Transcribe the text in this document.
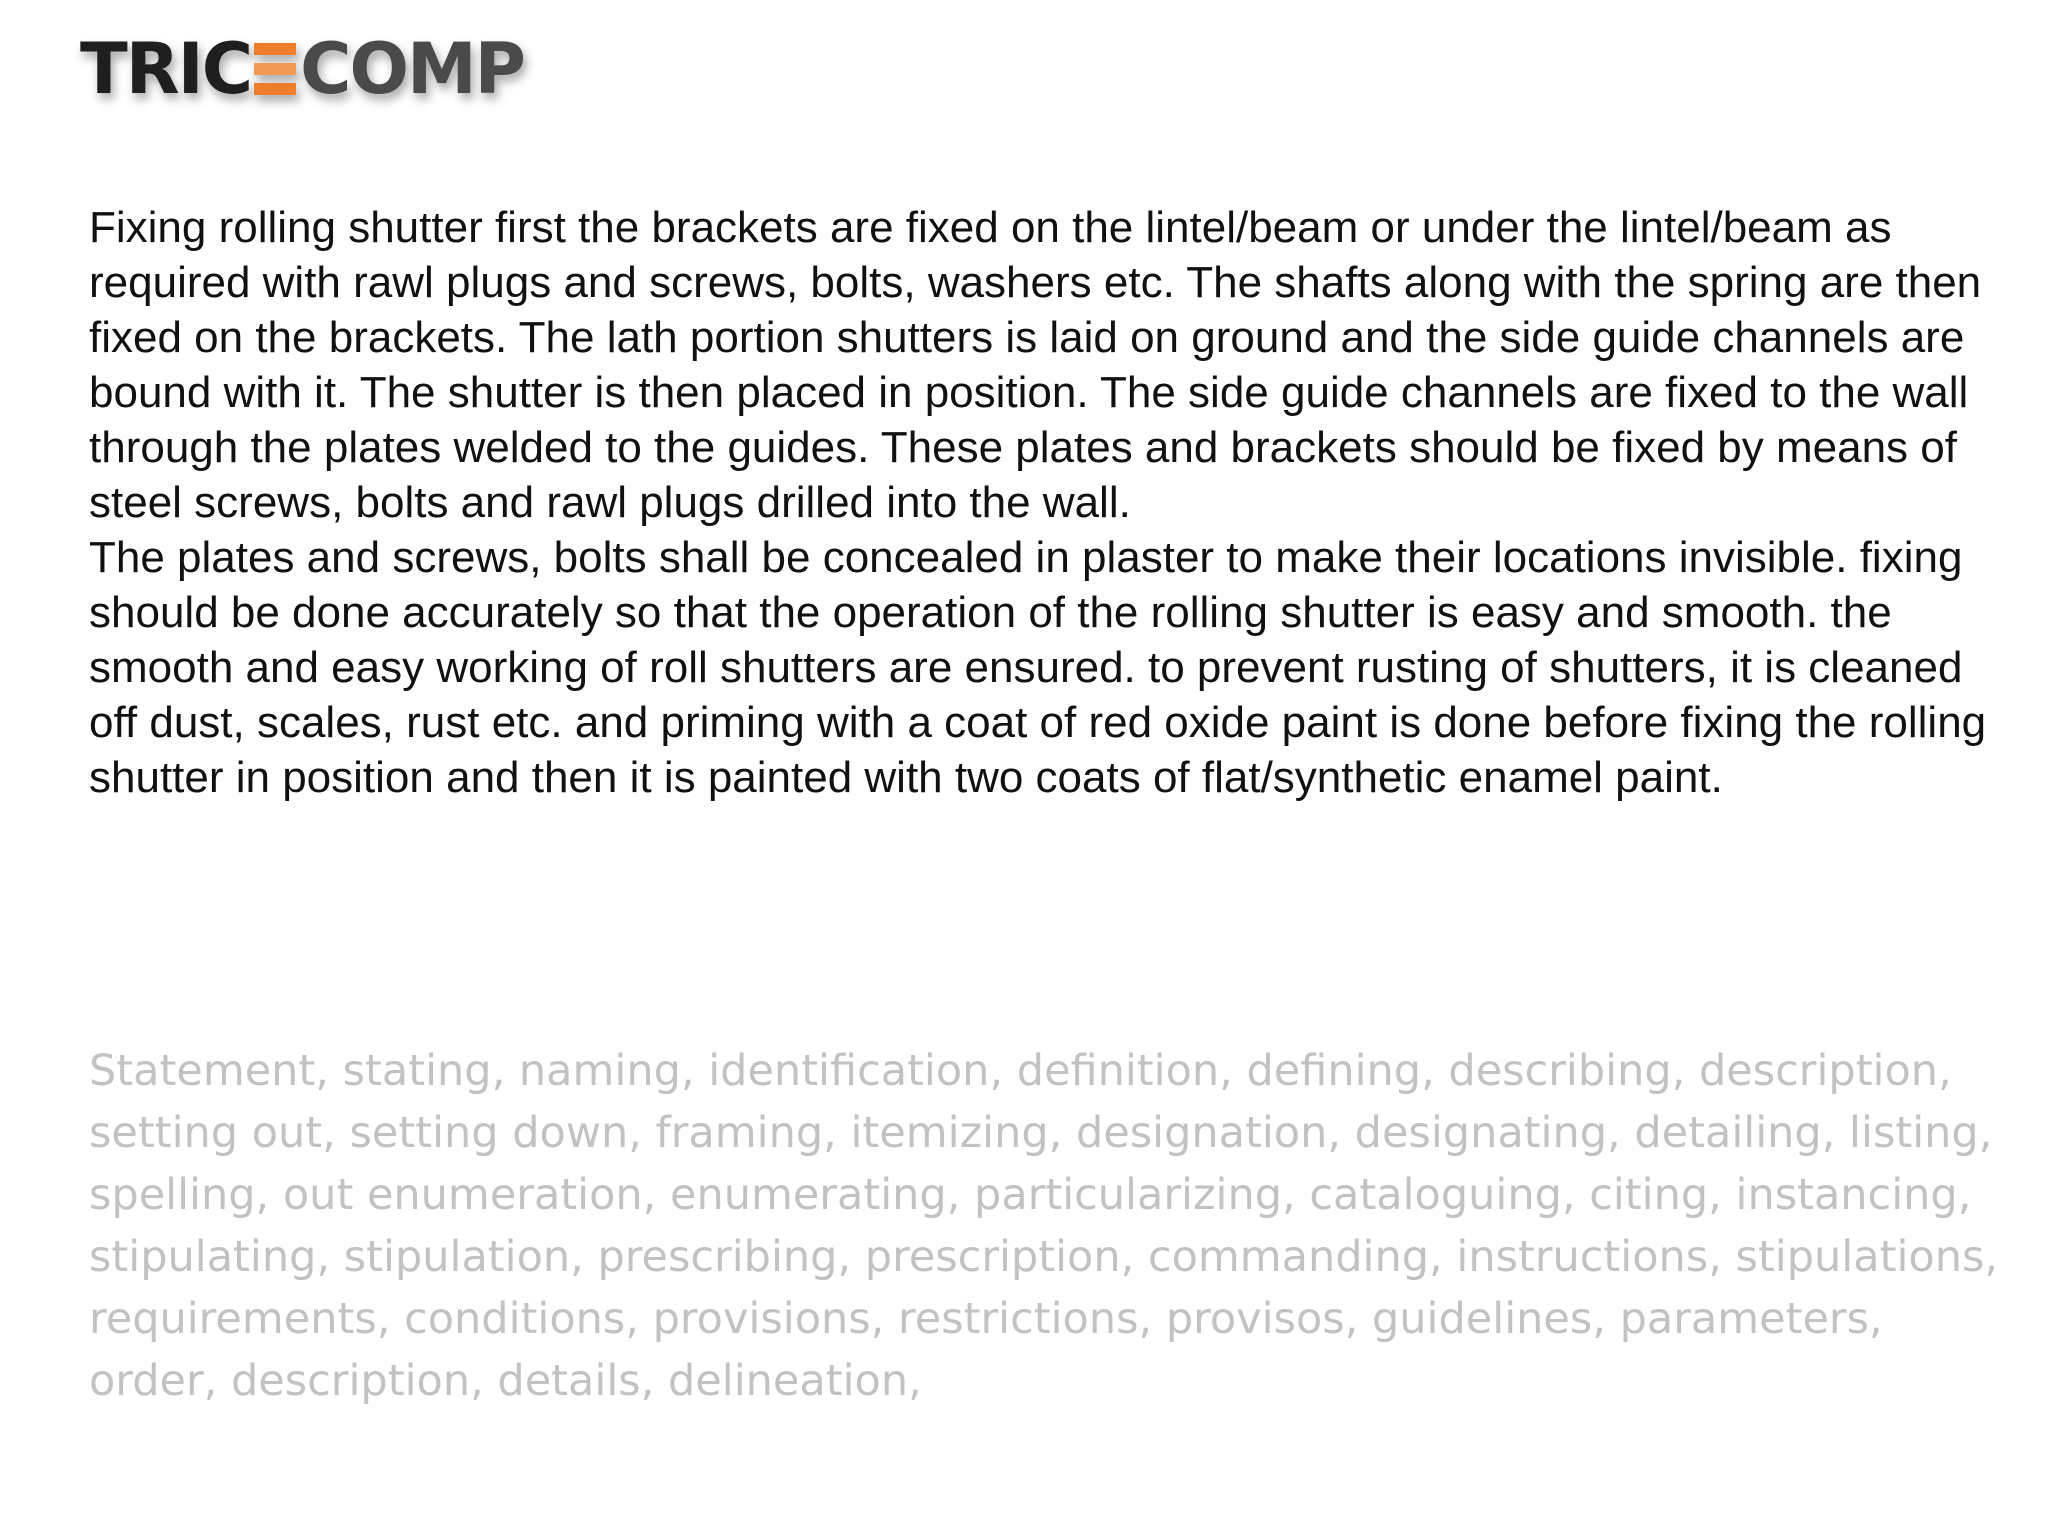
TRIC COMP

Fixing rolling shutter first the brackets are fixed on the lintel/beam or under the lintel/beam as required with rawl plugs and screws, bolts, washers etc. The shafts along with the spring are then fixed on the brackets. The lath portion shutters is laid on ground and the side guide channels are bound with it. The shutter is then placed in position. The side guide channels are fixed to the wall through the plates welded to the guides. These plates and brackets should be fixed by means of steel screws, bolts and rawl plugs drilled into the wall.

The plates and screws, bolts shall be concealed in plaster to make their locations invisible. fixing should be done accurately so that the operation of the rolling shutter is easy and smooth. the smooth and easy working of roll shutters are ensured. to prevent rusting of shutters, it is cleaned off dust, scales, rust etc. and priming with a coat of red oxide paint is done before fixing the rolling shutter in position and then it is painted with two coats of flat/synthetic enamel paint.

Statement, stating, naming, identification, definition, defining, describing, description, setting out, setting down, framing, itemizing, designation, designating, detailing, listing, spelling, out enumeration, enumerating, particularizing, cataloguing, citing, instancing, stipulating, stipulation, prescribing, prescription, commanding, instructions, stipulations, requirements, conditions, provisions, restrictions, provisos, guidelines, parameters, order, description, details, delineation,
